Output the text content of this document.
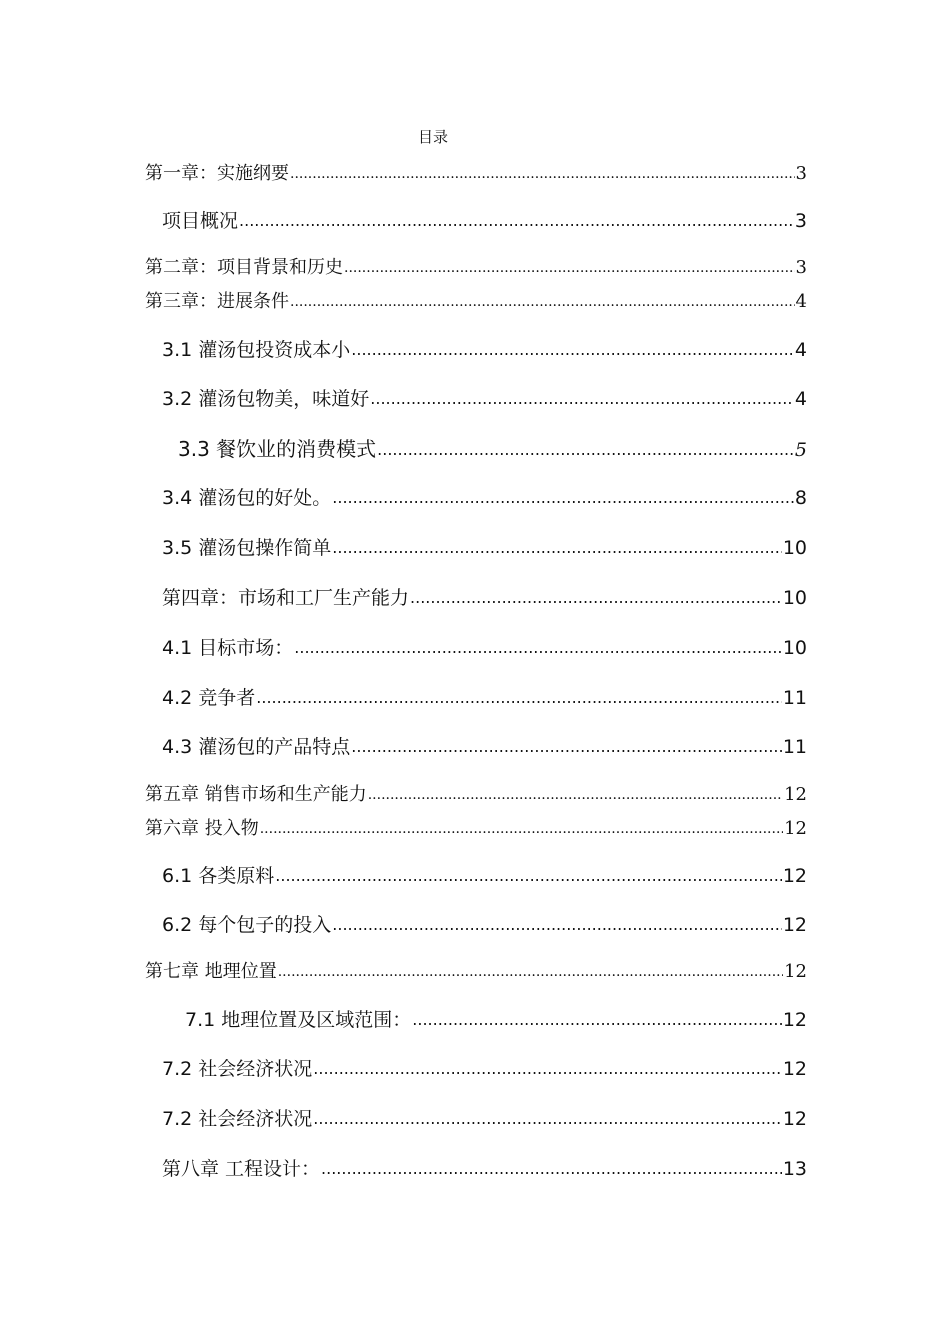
目录
第一章：实施纲要 .....	3
项目概况 .....	3
第二章：项目背景和历史 .....	3
第三章：进展条件 .....	4
3.1 灌汤包投资成本小 .....	4
3.2 灌汤包物美，味道好 .....	4
3.3 餐饮业的消费模式 .....	5
3.4 灌汤包的好处。 .....	8
3.5 灌汤包操作简单 .....	10
第四章：市场和工厂生产能力 .....	10
4.1 目标市场： .....	10
4.2 竞争者 .....	11
4.3 灌汤包的产品特点 .....	11
第五章 销售市场和生产能力 .....	12
第六章 投入物 .....	12
6.1 各类原料 .....	12
6.2 每个包子的投入 .....	12
第七章 地理位置 .....	12
7.1 地理位置及区域范围： .....	12
7.2 社会经济状况 .....	12
7.2 社会经济状况 .....	12
第八章 工程设计： .....	13
